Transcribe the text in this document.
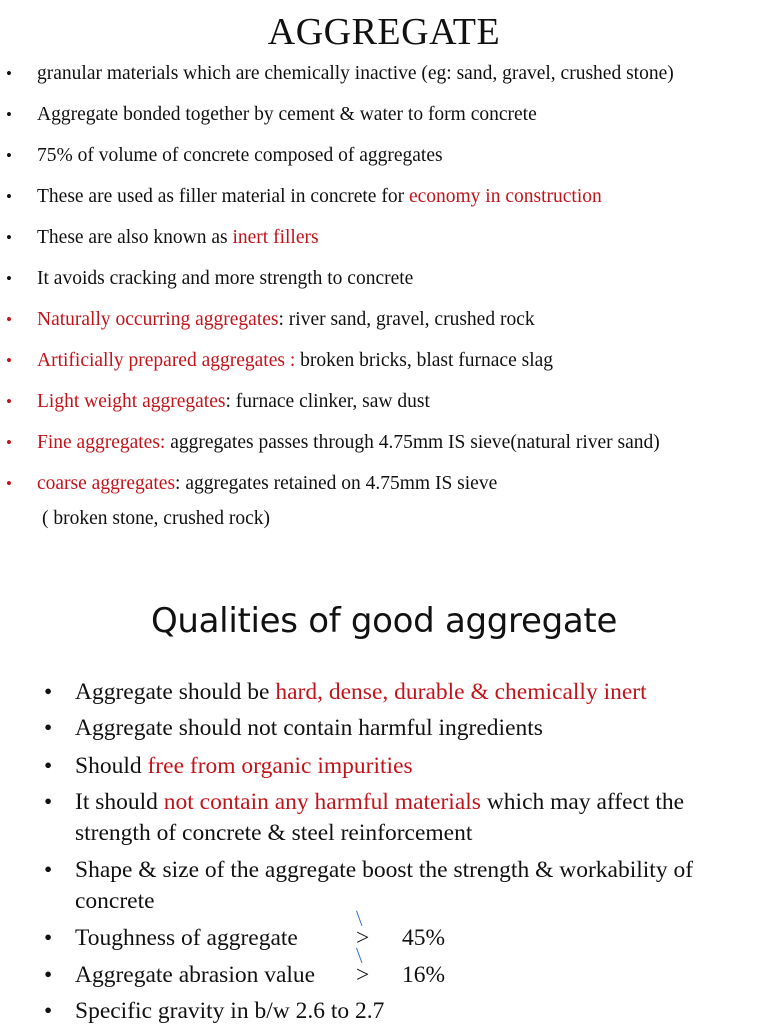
AGGREGATE
• granular materials which are chemically inactive (eg: sand, gravel, crushed stone)
• Aggregate bonded together by cement & water to form concrete
• 75% of volume of concrete composed of aggregates
• These are used as filler material in concrete for economy in construction
• These are also known as inert fillers
• It avoids cracking and more strength to concrete
• Naturally occurring aggregates: river sand, gravel, crushed rock
• Artificially prepared aggregates : broken bricks, blast furnace slag
• Light weight aggregates: furnace clinker, saw dust
• Fine aggregates: aggregates passes through 4.75mm IS sieve(natural river sand)
• coarse aggregates: aggregates retained on 4.75mm IS sieve
( broken stone, crushed rock)
Qualities of good aggregate
• Aggregate should be hard, dense, durable & chemically inert
• Aggregate should not contain harmful ingredients
• Should free from organic impurities
• It should not contain any harmful materials which may affect the strength of concrete & steel reinforcement
• Shape & size of the aggregate boost the strength & workability of concrete
• Toughness of aggregate	> 45%
• Aggregate abrasion value	> 16%
• Specific gravity in b/w 2.6 to 2.7
